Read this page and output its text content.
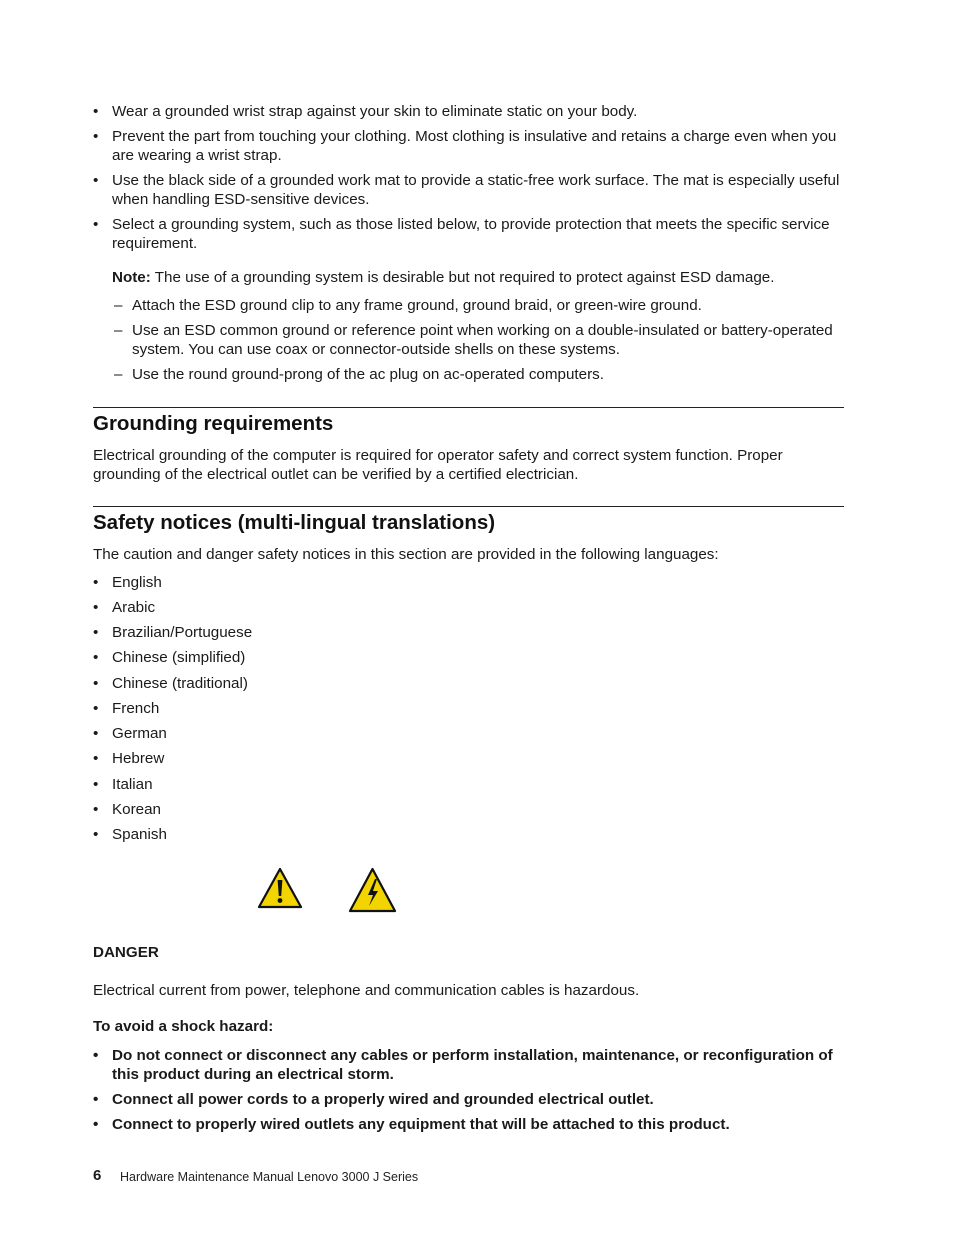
• Wear a grounded wrist strap against your skin to eliminate static on your body.
• Prevent the part from touching your clothing. Most clothing is insulative and retains a charge even when you are wearing a wrist strap.
• Use the black side of a grounded work mat to provide a static-free work surface. The mat is especially useful when handling ESD-sensitive devices.
• Select a grounding system, such as those listed below, to provide protection that meets the specific service requirement.
Note: The use of a grounding system is desirable but not required to protect against ESD damage.
– Attach the ESD ground clip to any frame ground, ground braid, or green-wire ground.
– Use an ESD common ground or reference point when working on a double-insulated or battery-operated system. You can use coax or connector-outside shells on these systems.
– Use the round ground-prong of the ac plug on ac-operated computers.
Grounding requirements
Electrical grounding of the computer is required for operator safety and correct system function. Proper grounding of the electrical outlet can be verified by a certified electrician.
Safety notices (multi-lingual translations)
The caution and danger safety notices in this section are provided in the following languages:
• English
• Arabic
• Brazilian/Portuguese
• Chinese (simplified)
• Chinese (traditional)
• French
• German
• Hebrew
• Italian
• Korean
• Spanish
DANGER
Electrical current from power, telephone and communication cables is hazardous.
To avoid a shock hazard:
• Do not connect or disconnect any cables or perform installation, maintenance, or reconfiguration of this product during an electrical storm.
• Connect all power cords to a properly wired and grounded electrical outlet.
• Connect to properly wired outlets any equipment that will be attached to this product.
6 Hardware Maintenance Manual Lenovo 3000 J Series
